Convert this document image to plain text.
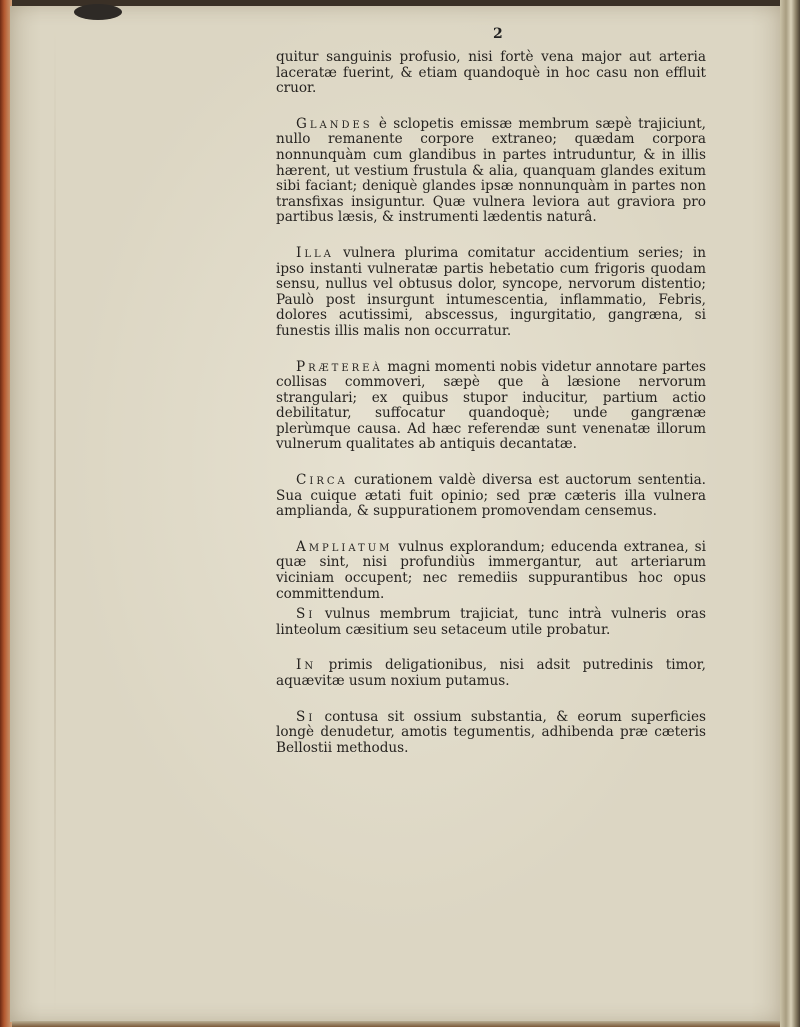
2

quitur sanguinis profusio, nisi fortè vena major aut arteria laceratæ fuerint, & etiam quandoquè in hoc casu non effluit cruor.

Glandes è sclopetis emissæ membrum sæpè trajiciunt, nullo remanente corpore extraneo; quædam corpora nonnunquàm cum glandibus in partes intruduntur, & in illis hærent, ut vestium frustula & alia, quanquam glandes exitum sibi faciant; deniquè glandes ipsæ nonnunquàm in partes non transfixas insiguntur. Quæ vulnera leviora aut graviora pro partibus læsis, & instrumenti lædentis naturâ.

Illa vulnera plurima comitatur accidentium series; in ipso instanti vulneratæ partis hebetatio cum frigoris quodam sensu, nullus vel obtusus dolor, syncope, nervorum distentio; Paulò post insurgunt intumescentia, inflammatio, Febris, dolores acutissimi, abscessus, ingurgitatio, gangræna, si funestis illis malis non occurratur.

Prætereà magni momenti nobis videtur annotare partes collisas commoveri, sæpè que à læsione nervorum strangulari; ex quibus stupor inducitur, partium actio debilitatur, suffocatur quandoquè; unde gangrænæ plerùmque causa. Ad hæc referendæ sunt venenatæ illorum vulnerum qualitates ab antiquis decantatæ.

Circa curationem valdè diversa est auctorum sententia. Sua cuique ætati fuit opinio; sed præ cæteris illa vulnera amplianda, & suppurationem promovendam censemus.

Ampliatum vulnus explorandum; educenda extranea, si quæ sint, nisi profundiùs immergantur, aut arteriarum viciniam occupent; nec remediis suppurantibus hoc opus committendum.

Si vulnus membrum trajiciat, tunc intrà vulneris oras linteolum cæsitium seu setaceum utile probatur.

In primis deligationibus, nisi adsit putredinis timor, aquævitæ usum noxium putamus.

Si contusa sit ossium substantia, & eorum superficies longè denudetur, amotis tegumentis, adhibenda præ cæteris Bellostii methodus.
